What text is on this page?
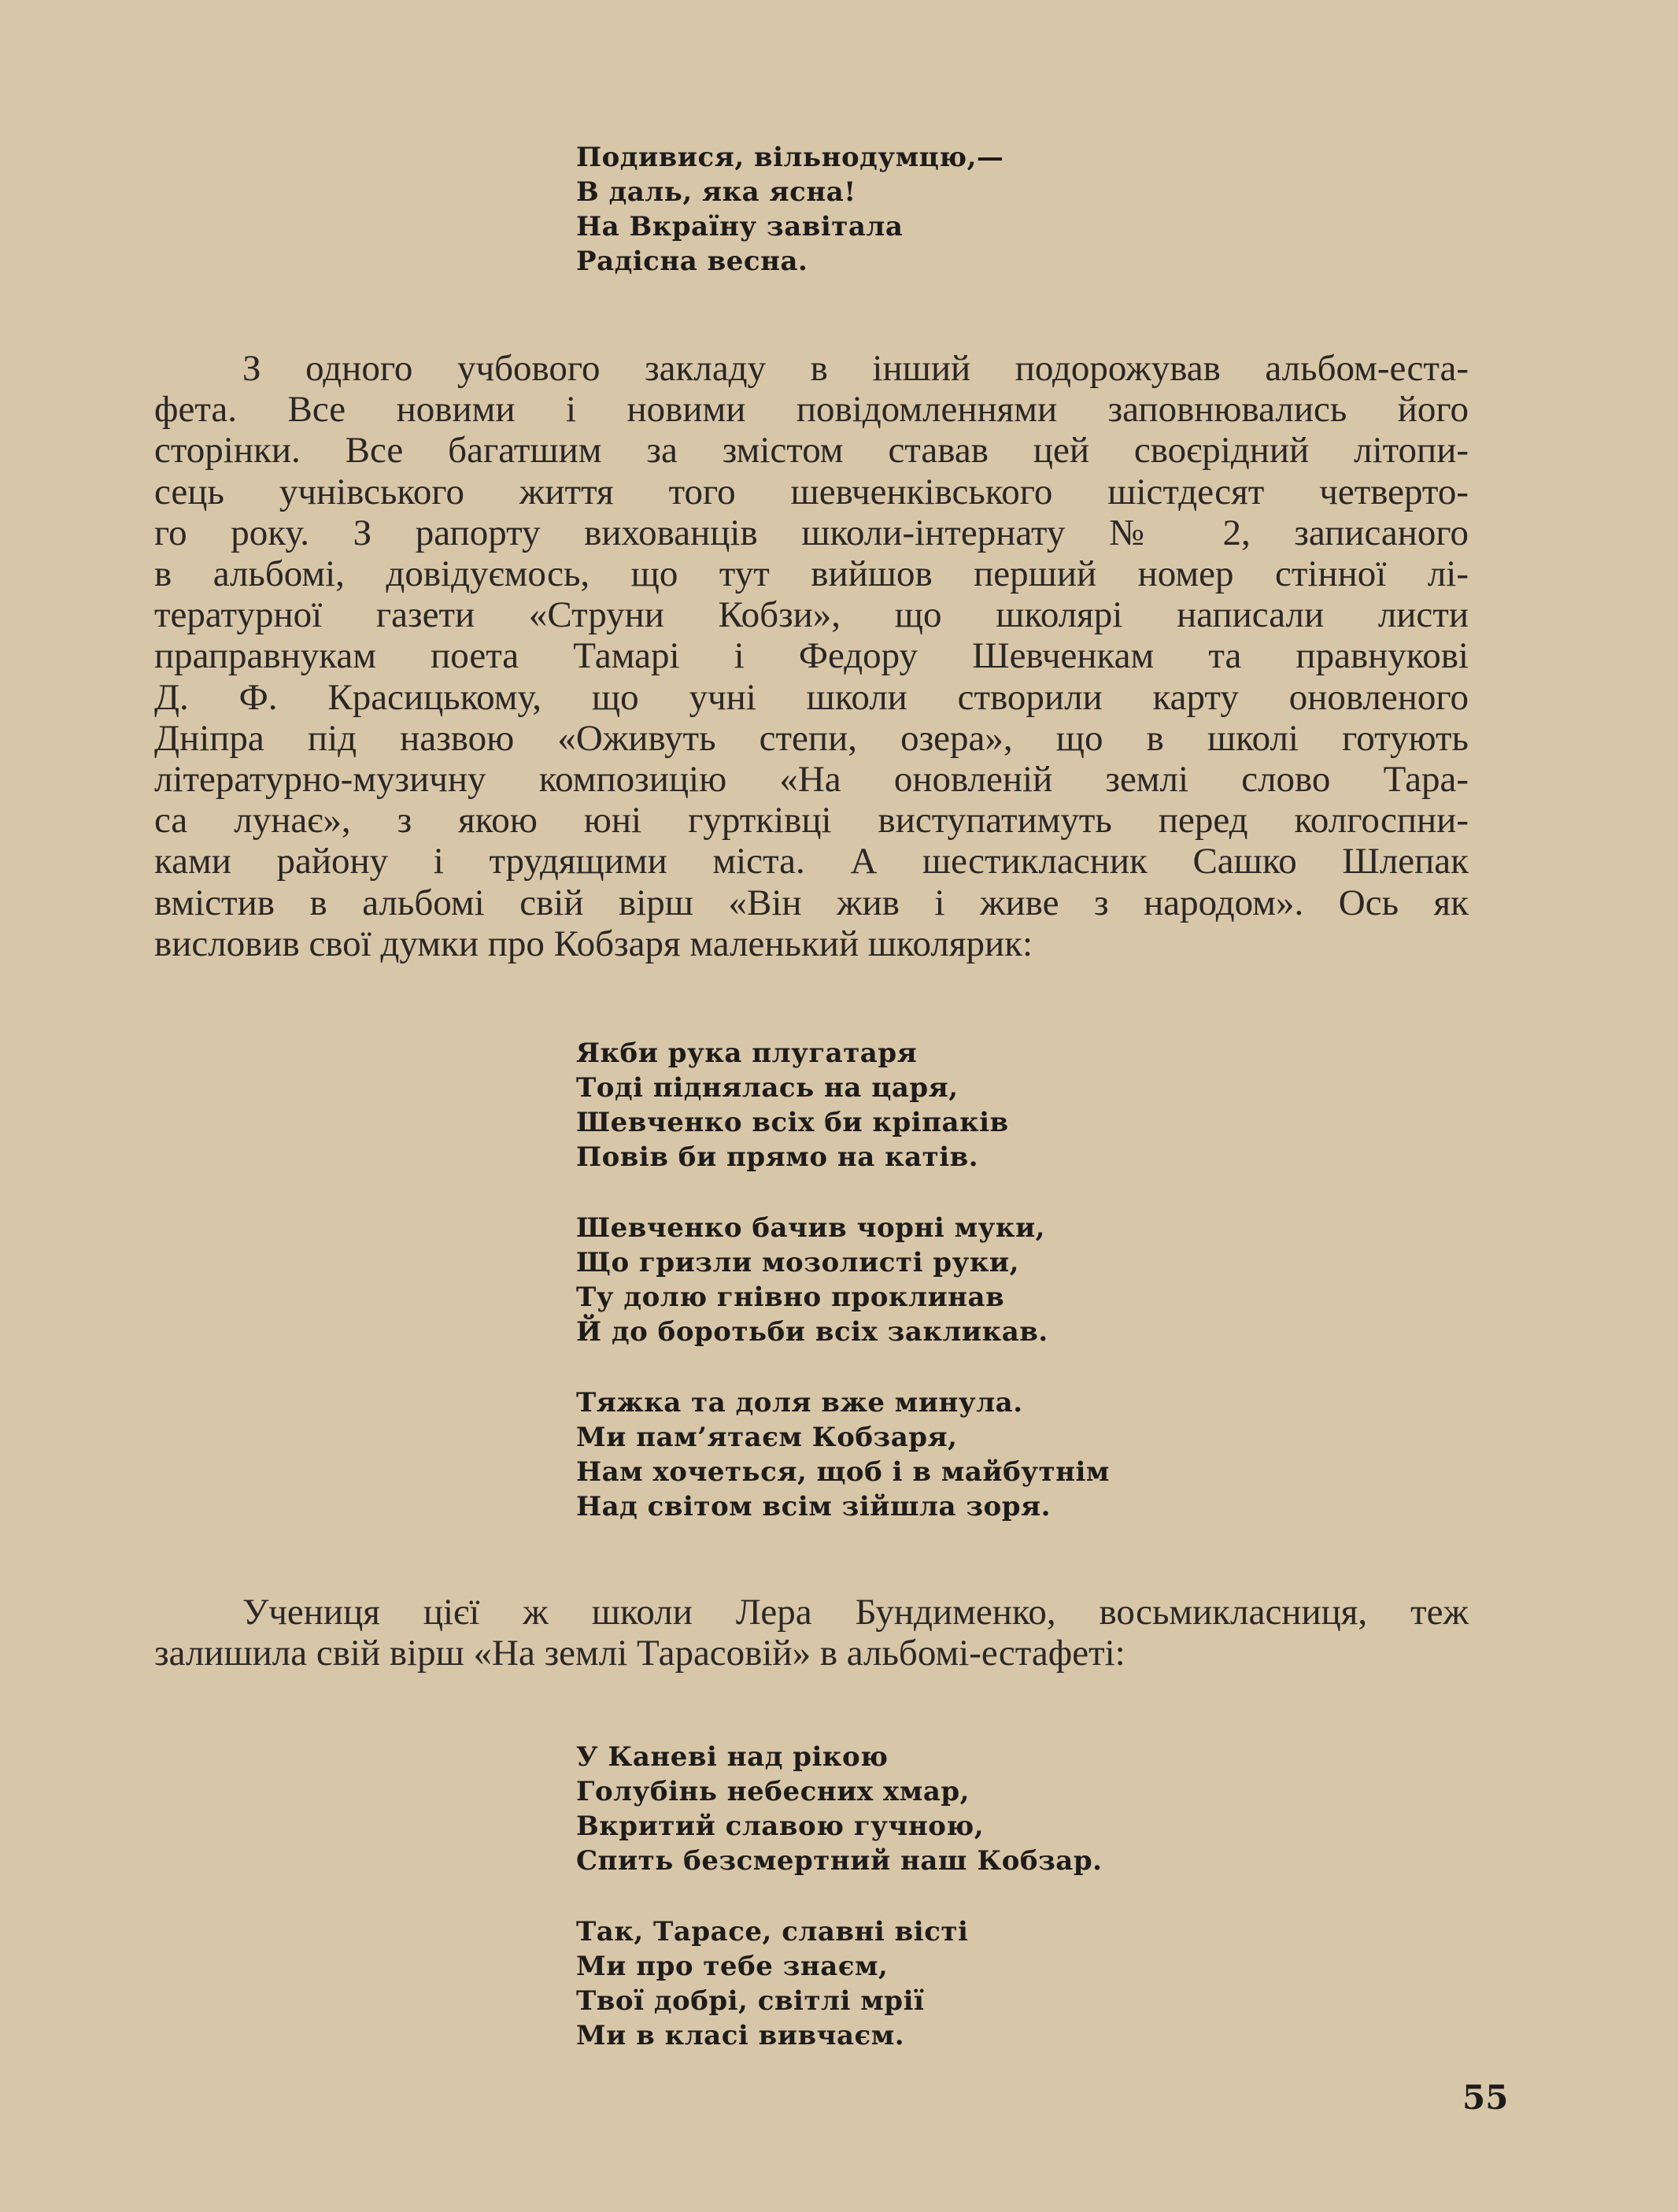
Подивися, вільнодумцю,—
В даль, яка ясна!
На Вкраїну завітала
Радісна весна.
З одного учбового закладу в інший подорожував альбом-еста-
фета. Все новими і новими повідомленнями заповнювались його
сторінки. Все багатшим за змістом ставав цей своєрідний літопи-
сець учнівського життя того шевченківського шістдесят четверто-
го року. З рапорту вихованців школи-інтернату № 2, записаного
в альбомі, довідуємось, що тут вийшов перший номер стінної лі-
тературної газети «Струни Кобзи», що школярі написали листи
праправнукам поета Тамарі і Федору Шевченкам та правнукові
Д. Ф. Красицькому, що учні школи створили карту оновленого
Дніпра під назвою «Оживуть степи, озера», що в школі готують
літературно-музичну композицію «На оновленій землі слово Тара-
са лунає», з якою юні гуртківці виступатимуть перед колгоспни-
ками району і трудящими міста. А шестикласник Сашко Шлепак
вмістив в альбомі свій вірш «Він жив і живе з народом». Ось як
висловив свої думки про Кобзаря маленький школярик:
Якби рука плугатаря
Тоді піднялась на царя,
Шевченко всіх би кріпаків
Повів би прямо на катів.
Шевченко бачив чорні муки,
Що гризли мозолисті руки,
Ту долю гнівно проклинав
Й до боротьби всіх закликав.
Тяжка та доля вже минула.
Ми пам’ятаєм Кобзаря,
Нам хочеться, щоб і в майбутнім
Над світом всім зійшла зоря.
Учениця цієї ж школи Лера Бундименко, восьмикласниця, теж
залишила свій вірш «На землі Тарасовій» в альбомі-естафеті:
У Каневі над рікою
Голубінь небесних хмар,
Вкритий славою гучною,
Спить безсмертний наш Кобзар.
Так, Тарасе, славні вісті
Ми про тебе знаєм,
Твої добрі, світлі мрії
Ми в класі вивчаєм.
55
